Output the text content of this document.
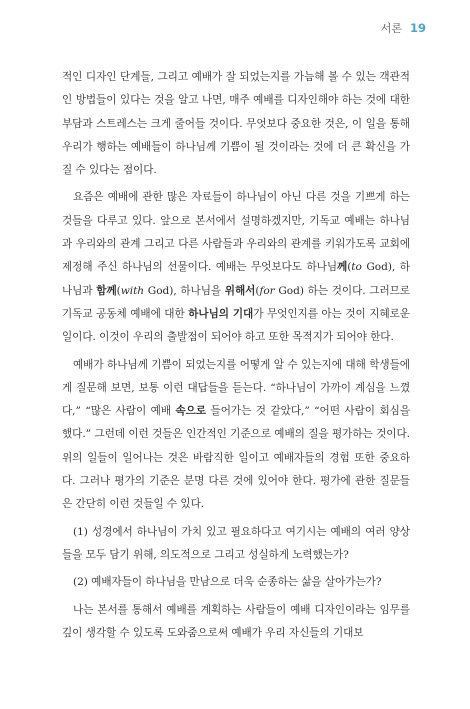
서론 19

적인 디자인 단계들, 그리고 예배가 잘 되었는지를 가늠해 볼 수 있는 객관적인 방법들이 있다는 것을 알고 나면, 매주 예배를 디자인해야 하는 것에 대한 부담과 스트레스는 크게 줄어들 것이다. 무엇보다 중요한 것은, 이 일을 통해 우리가 행하는 예배들이 하나님께 기쁨이 될 것이라는 것에 더 큰 확신을 가질 수 있다는 점이다.

요즘은 예배에 관한 많은 자료들이 하나님이 아닌 다른 것을 기쁘게 하는 것들을 다루고 있다. 앞으로 본서에서 설명하겠지만, 기독교 예배는 하나님과 우리와의 관계 그리고 다른 사람들과 우리와의 관계를 키워가도록 교회에 제정해 주신 하나님의 선물이다. 예배는 무엇보다도 하나님께(to God), 하나님과 함께(with God), 하나님을 위해서(for God) 하는 것이다. 그러므로 기독교 공동체 예배에 대한 하나님의 기대가 무엇인지를 아는 것이 지혜로운 일이다. 이것이 우리의 출발점이 되어야 하고 또한 목적지가 되어야 한다.

예배가 하나님께 기쁨이 되었는지를 어떻게 알 수 있는지에 대해 학생들에게 질문해 보면, 보통 이런 대답들을 듣는다. “하나님이 가까이 계심을 느꼈다,” “많은 사람이 예배 속으로 들어가는 것 같았다,” “어떤 사람이 회심을 했다.” 그런데 이런 것들은 인간적인 기준으로 예배의 질을 평가하는 것이다. 위의 일들이 일어나는 것은 바람직한 일이고 예배자들의 경험 또한 중요하다. 그러나 평가의 기준은 분명 다른 것에 있어야 한다. 평가에 관한 질문들은 간단히 이런 것들일 수 있다.

(1) 성경에서 하나님이 가치 있고 필요하다고 여기시는 예배의 여러 양상들을 모두 담기 위해, 의도적으로 그리고 성실하게 노력했는가?

(2) 예배자들이 하나님을 만남으로 더욱 순종하는 삶을 살아가는가?

나는 본서를 통해서 예배를 계획하는 사람들이 예배 디자인이라는 임무를 깊이 생각할 수 있도록 도와줌으로써 예배가 우리 자신들의 기대보
